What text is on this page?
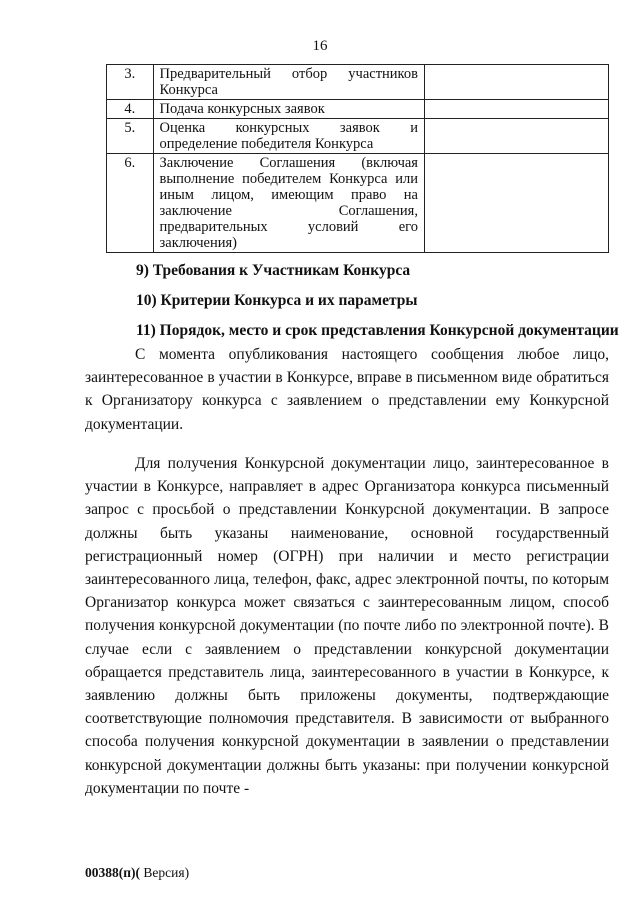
16
3.	Предварительный отбор участников Конкурса	
4.	Подача конкурсных заявок	
5.	Оценка конкурсных заявок и определение победителя Конкурса	
6.	Заключение Соглашения (включая выполнение победителем Конкурса или иным лицом, имеющим право на заключение Соглашения, предварительных условий его заключения)	
9) Требования к Участникам Конкурса
10) Критерии Конкурса и их параметры
11) Порядок, место и срок представления Конкурсной документации

С момента опубликования настоящего сообщения любое лицо, заинтересованное в участии в Конкурсе, вправе в письменном виде обратиться к Организатору конкурса с заявлением о представлении ему Конкурсной документации.

Для получения Конкурсной документации лицо, заинтересованное в участии в Конкурсе, направляет в адрес Организатора конкурса письменный запрос с просьбой о представлении Конкурсной документации. В запросе должны быть указаны наименование, основной государственный регистрационный номер (ОГРН) при наличии и место регистрации заинтересованного лица, телефон, факс, адрес электронной почты, по которым Организатор конкурса может связаться с заинтересованным лицом, способ получения конкурсной документации (по почте либо по электронной почте). В случае если с заявлением о представлении конкурсной документации обращается представитель лица, заинтересованного в участии в Конкурсе, к заявлению должны быть приложены документы, подтверждающие соответствующие полномочия представителя. В зависимости от выбранного способа получения конкурсной документации в заявлении о представлении конкурсной документации должны быть указаны: при получении конкурсной документации по почте -

00388(п)( Версия)
